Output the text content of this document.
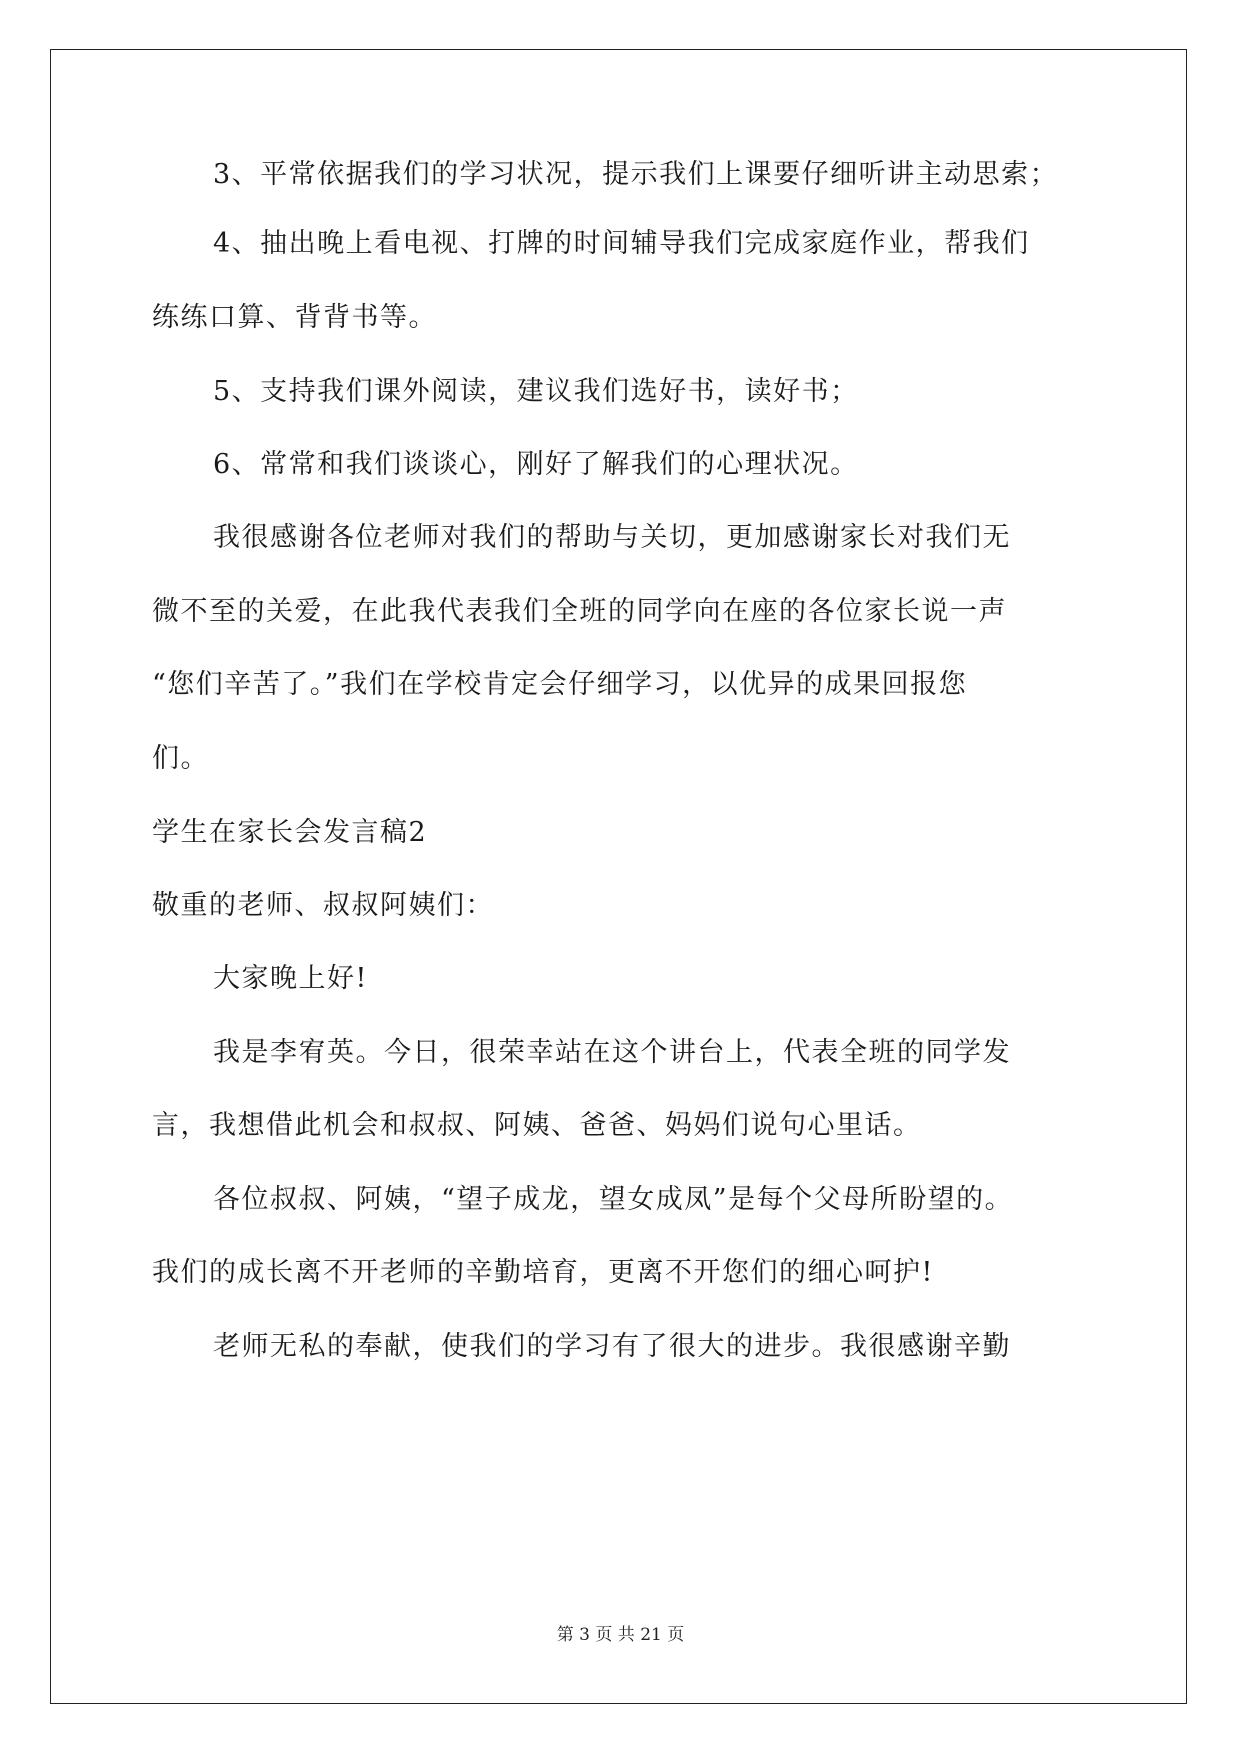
3、平常依据我们的学习状况，提示我们上课要仔细听讲主动思索；

4、抽出晚上看电视、打牌的时间辅导我们完成家庭作业，帮我们

练练口算、背背书等。

5、支持我们课外阅读，建议我们选好书，读好书；

6、常常和我们谈谈心，刚好了解我们的心理状况。

我很感谢各位老师对我们的帮助与关切，更加感谢家长对我们无

微不至的关爱，在此我代表我们全班的同学向在座的各位家长说一声

“您们辛苦了。”我们在学校肯定会仔细学习，以优异的成果回报您

们。

学生在家长会发言稿2

敬重的老师、叔叔阿姨们：

大家晚上好!

我是李宥英。今日，很荣幸站在这个讲台上，代表全班的同学发

言，我想借此机会和叔叔、阿姨、爸爸、妈妈们说句心里话。

各位叔叔、阿姨，“望子成龙，望女成凤”是每个父母所盼望的。

我们的成长离不开老师的辛勤培育，更离不开您们的细心呵护!

老师无私的奉献，使我们的学习有了很大的进步。我很感谢辛勤

第 3 页 共 21 页
